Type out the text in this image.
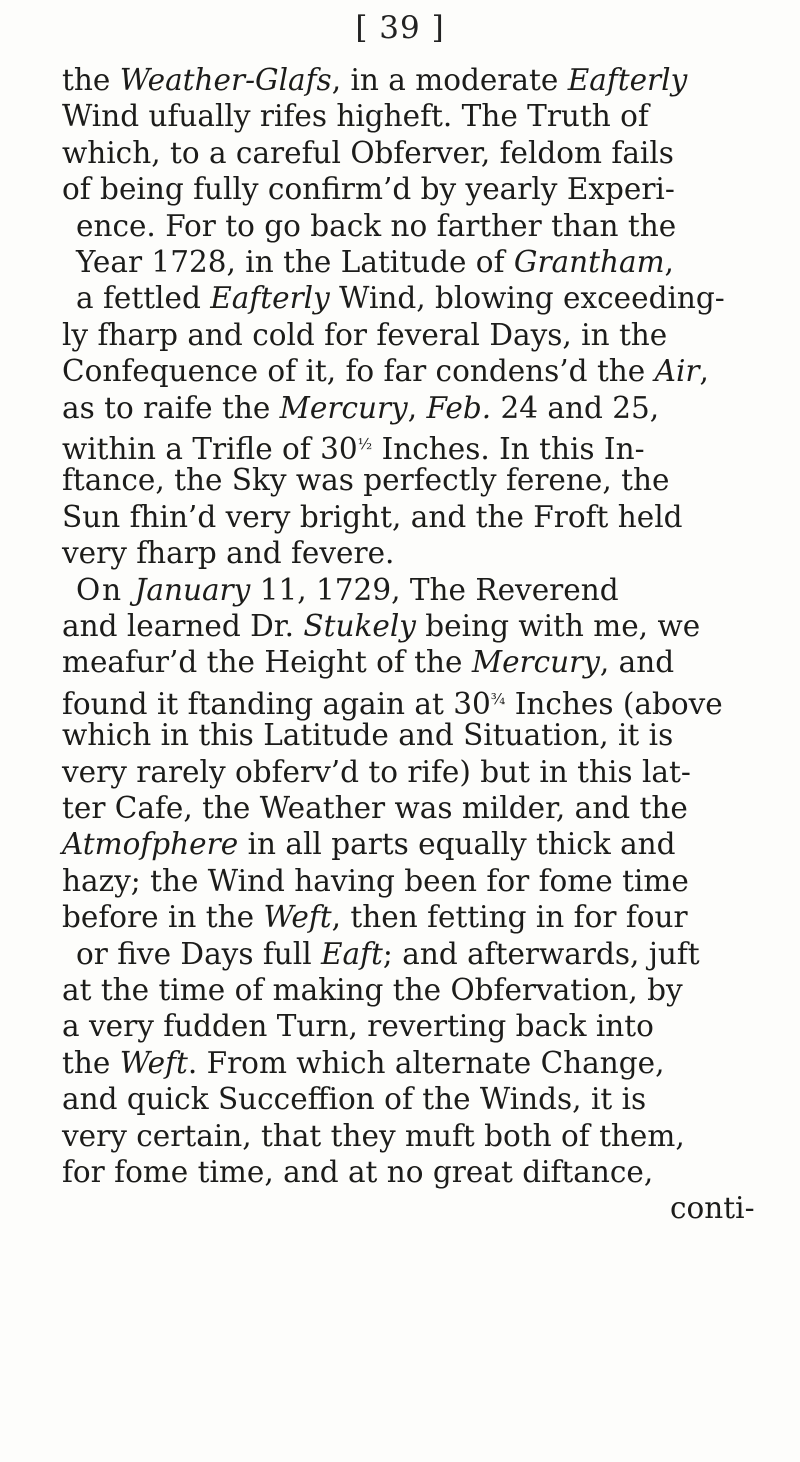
[ 39 ]
the Weather-Glafs, in a moderate Eafterly
Wind ufually rifes higheft. The Truth of
which, to a careful Obferver, feldom fails
of being fully confirm’d by yearly Experi-
ence. For to go back no farther than the
Year 1728, in the Latitude of Grantham,
a fettled Eafterly Wind, blowing exceeding-
ly fharp and cold for feveral Days, in the
Confequence of it, fo far condens’d the Air,
as to raife the Mercury, Feb. 24 and 25,
within a Trifle of $30^{\frac{1}{2}}$ Inches. In this In-
ftance, the Sky was perfectly ferene, the
Sun fhin’d very bright, and the Froft held
very fharp and fevere.
On January 11, 1729, The Reverend
and learned Dr. Stukely being with me, we
meafur’d the Height of the Mercury, and
found it ftanding again at $30^{\frac{3}{4}}$ Inches (above
which in this Latitude and Situation, it is
very rarely obferv’d to rife) but in this lat-
ter Cafe, the Weather was milder, and the
Atmofphere in all parts equally thick and
hazy; the Wind having been for fome time
before in the Weft, then fetting in for four
or five Days full Eaft; and afterwards, juft
at the time of making the Obfervation, by
a very fudden Turn, reverting back into
the Weft. From which alternate Change,
and quick Succeffion of the Winds, it is
very certain, that they muft both of them,
for fome time, and at no great diftance,
conti-
